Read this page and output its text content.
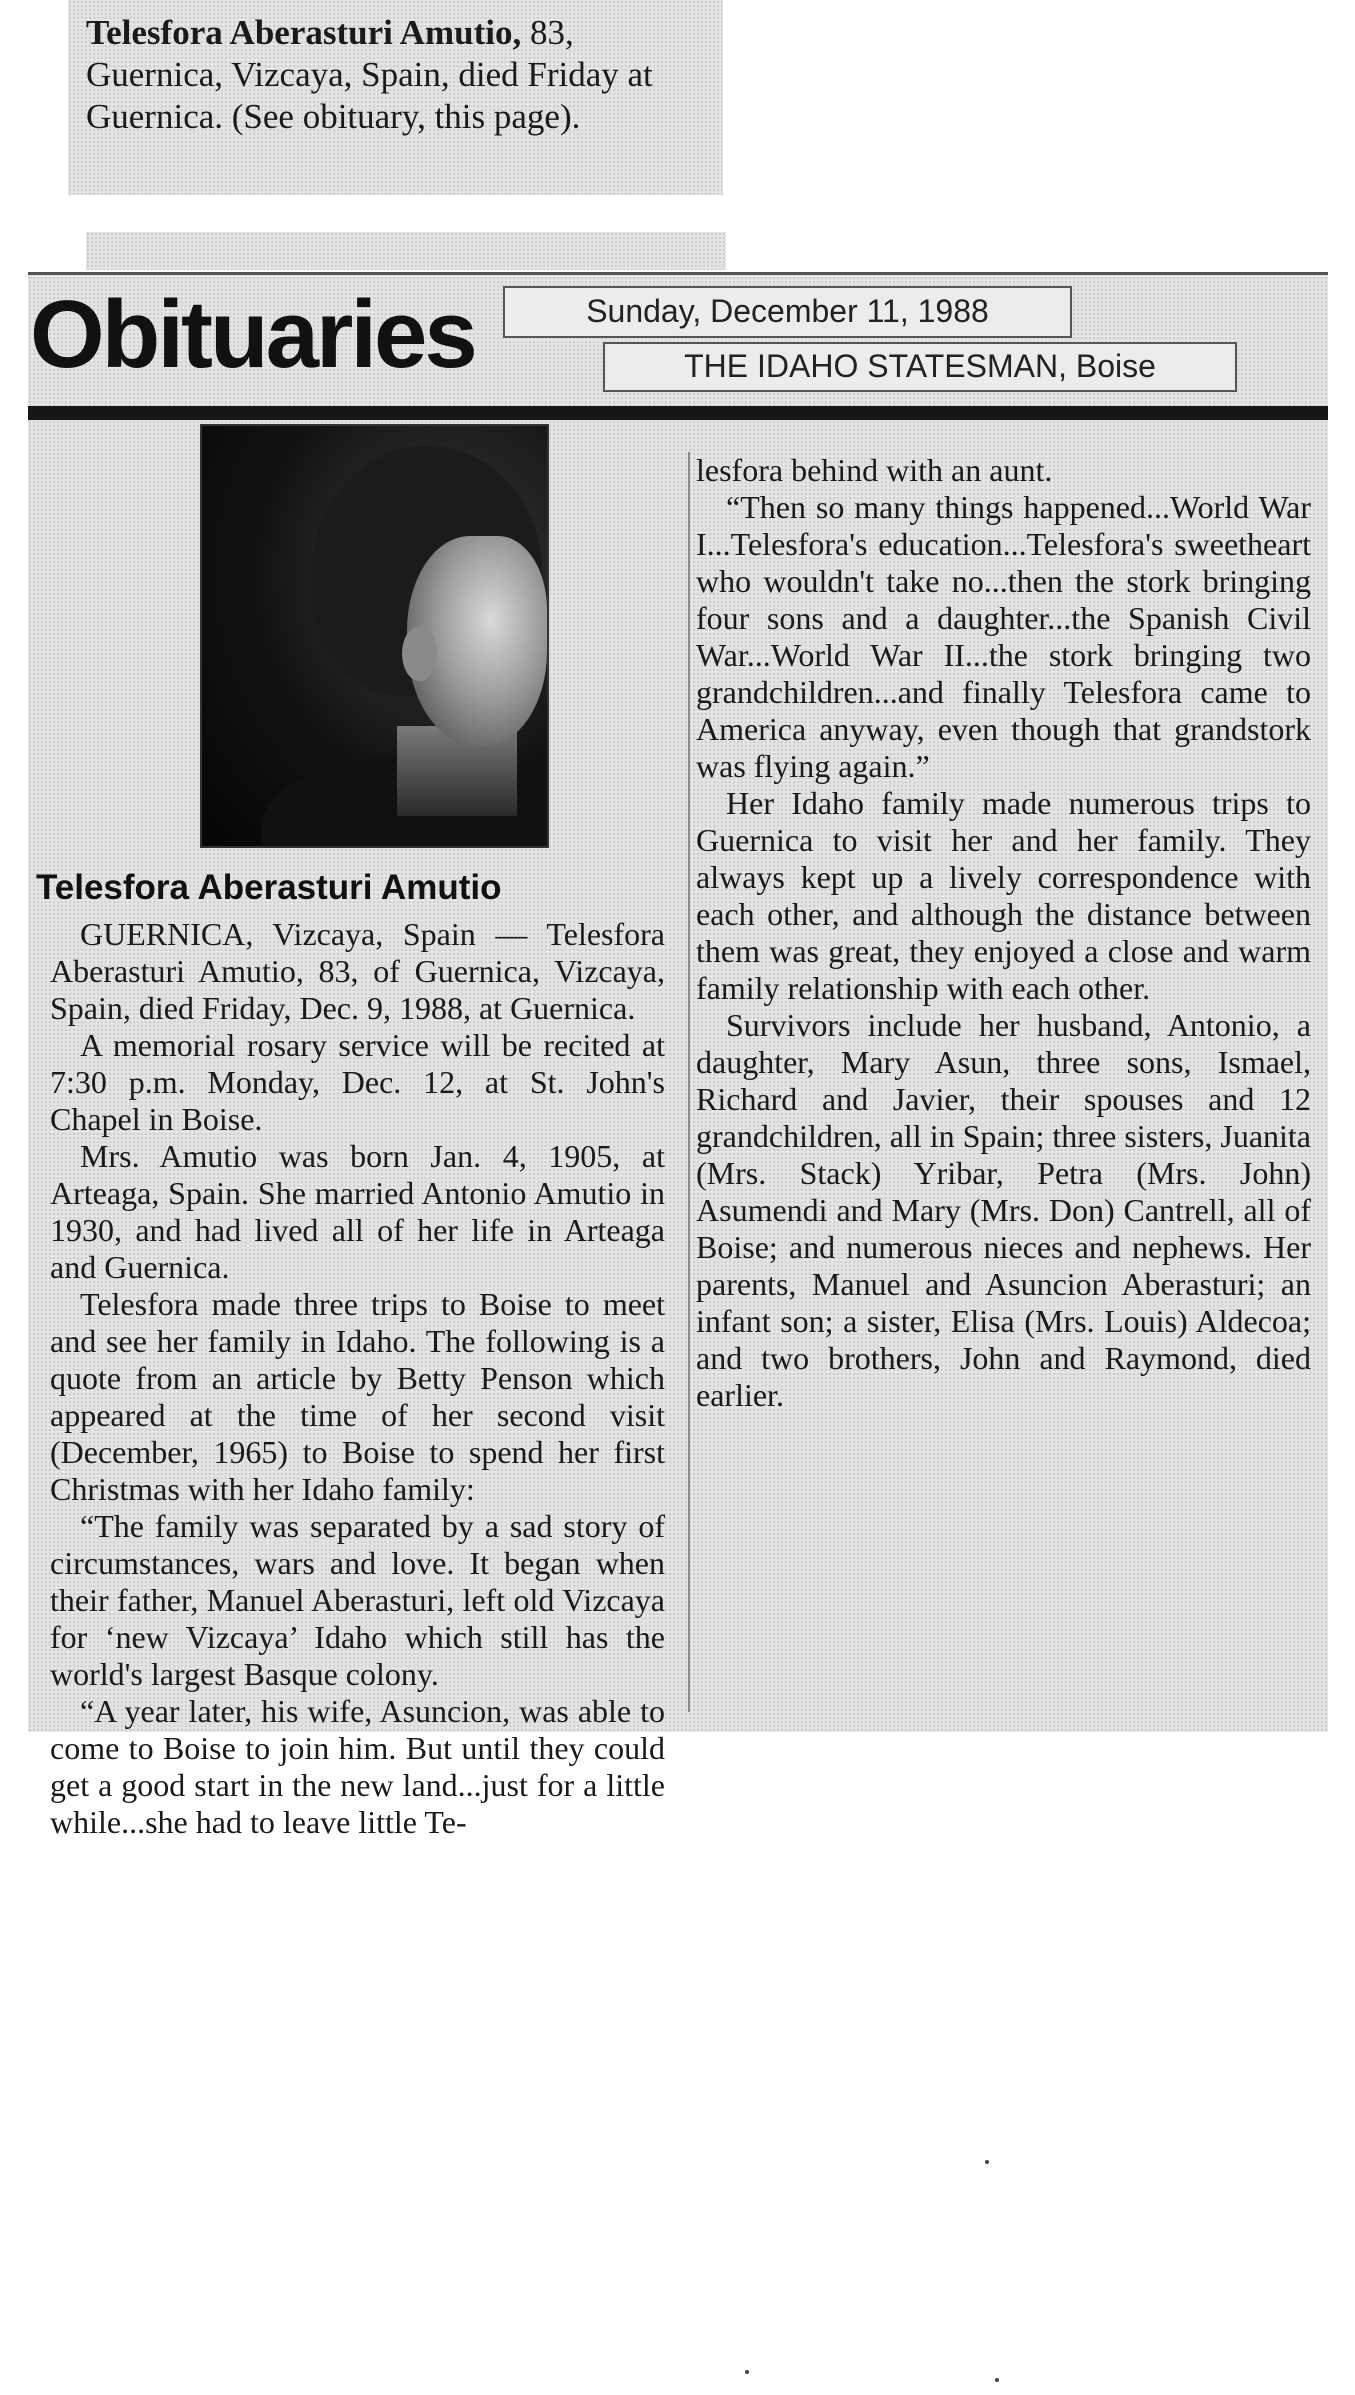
Telesfora Aberasturi Amutio, 83, Guernica, Vizcaya, Spain, died Friday at Guernica. (See obituary, this page).
Obituaries	Sunday, December 11, 1988
THE IDAHO STATESMAN, Boise

Telesfora Aberasturi Amutio

GUERNICA, Vizcaya, Spain — Telesfora Aberasturi Amutio, 83, of Guernica, Vizcaya, Spain, died Friday, Dec. 9, 1988, at Guernica.

A memorial rosary service will be recited at 7:30 p.m. Monday, Dec. 12, at St. John's Chapel in Boise.

Mrs. Amutio was born Jan. 4, 1905, at Arteaga, Spain. She married Antonio Amutio in 1930, and had lived all of her life in Arteaga and Guernica.

Telesfora made three trips to Boise to meet and see her family in Idaho. The following is a quote from an article by Betty Penson which appeared at the time of her second visit (December, 1965) to Boise to spend her first Christmas with her Idaho family:

“The family was separated by a sad story of circumstances, wars and love. It began when their father, Manuel Aberasturi, left old Vizcaya for ‘new Vizcaya’ Idaho which still has the world's largest Basque colony.

“A year later, his wife, Asuncion, was able to come to Boise to join him. But until they could get a good start in the new land...just for a little while...she had to leave little Te-

lesfora behind with an aunt.

“Then so many things happened...World War I...Telesfora's education...Telesfora's sweetheart who wouldn't take no...then the stork bringing four sons and a daughter...the Spanish Civil War...World War II...the stork bringing two grandchildren...and finally Telesfora came to America anyway, even though that grandstork was flying again.”

Her Idaho family made numerous trips to Guernica to visit her and her family. They always kept up a lively correspondence with each other, and although the distance between them was great, they enjoyed a close and warm family relationship with each other.

Survivors include her husband, Antonio, a daughter, Mary Asun, three sons, Ismael, Richard and Javier, their spouses and 12 grandchildren, all in Spain; three sisters, Juanita (Mrs. Stack) Yribar, Petra (Mrs. John) Asumendi and Mary (Mrs. Don) Cantrell, all of Boise; and numerous nieces and nephews. Her parents, Manuel and Asuncion Aberasturi; an infant son; a sister, Elisa (Mrs. Louis) Aldecoa; and two brothers, John and Raymond, died earlier.
